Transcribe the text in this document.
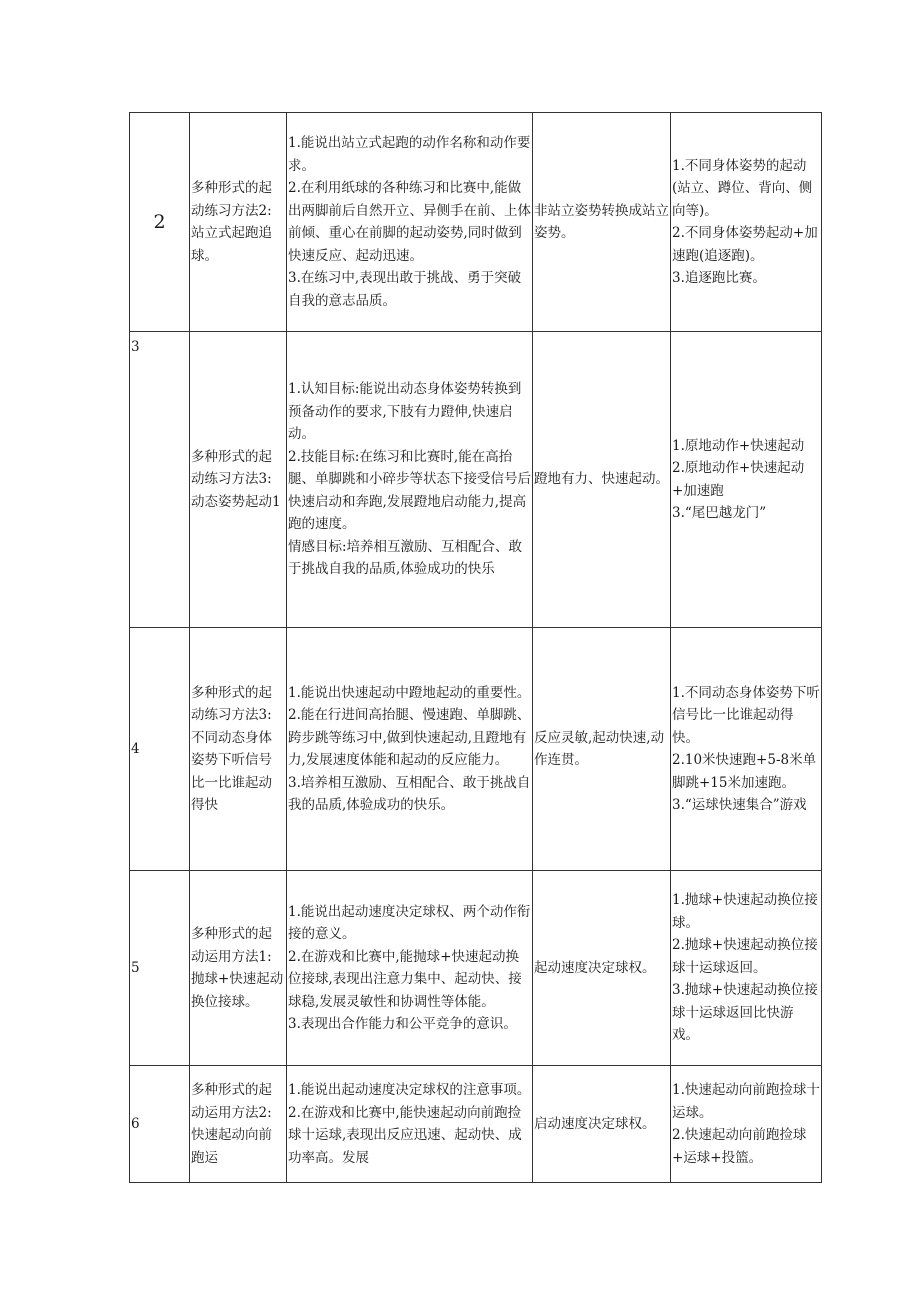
2	多种形式的起动练习方法2:站立式起跑追球。	1.能说出站立式起跑的动作名称和动作要求。
2.在利用纸球的各种练习和比赛中,能做出两脚前后自然开立、异侧手在前、上体前倾、重心在前脚的起动姿势,同时做到快速反应、起动迅速。
3.在练习中,表现出敢于挑战、勇于突破自我的意志品质。	非站立姿势转换成站立姿势。	1.不同身体姿势的起动(站立、蹲位、背向、侧向等)。
2.不同身体姿势起动+加速跑(追逐跑)。
3.追逐跑比赛。

3	多种形式的起动练习方法3:动态姿势起动1	1.认知目标:能说出动态身体姿势转换到预备动作的要求,下肢有力蹬伸,快速启动。
2.技能目标:在练习和比赛时,能在高抬腿、单脚跳和小碎步等状态下接受信号后快速启动和奔跑,发展蹬地启动能力,提高跑的速度。
情感目标:培养相互激励、互相配合、敢于挑战自我的品质,体验成功的快乐	蹬地有力、快速起动。	1.原地动作+快速起动
2.原地动作+快速起动+加速跑
3.“尾巴越龙门”

4	多种形式的起动练习方法3:不同动态身体姿势下听信号比一比谁起动得快	1.能说出快速起动中蹬地起动的重要性。
2.能在行进间高抬腿、慢速跑、单脚跳、跨步跳等练习中,做到快速起动,且蹬地有力,发展速度体能和起动的反应能力。
3.培养相互激励、互相配合、敢于挑战自我的品质,体验成功的快乐。	反应灵敏,起动快速,动作连贯。	1.不同动态身体姿势下听信号比一比谁起动得快。
2.10米快速跑+5-8米单脚跳+15米加速跑。
3.“运球快速集合”游戏

5	多种形式的起动运用方法1:抛球+快速起动换位接球。	1.能说出起动速度决定球权、两个动作衔接的意义。
2.在游戏和比赛中,能抛球+快速起动换位接球,表现出注意力集中、起动快、接球稳,发展灵敏性和协调性等体能。
3.表现出合作能力和公平竞争的意识。	起动速度决定球权。	1.抛球+快速起动换位接球。
2.抛球+快速起动换位接球十运球返回。
3.抛球+快速起动换位接球十运球返回比快游戏。

6	多种形式的起动运用方法2:快速起动向前跑运	1.能说出起动速度决定球权的注意事项。
2.在游戏和比赛中,能快速起动向前跑捡球十运球,表现出反应迅速、起动快、成功率高。发展	启动速度决定球权。	1.快速起动向前跑捡球十运球。
2.快速起动向前跑捡球+运球+投篮。
